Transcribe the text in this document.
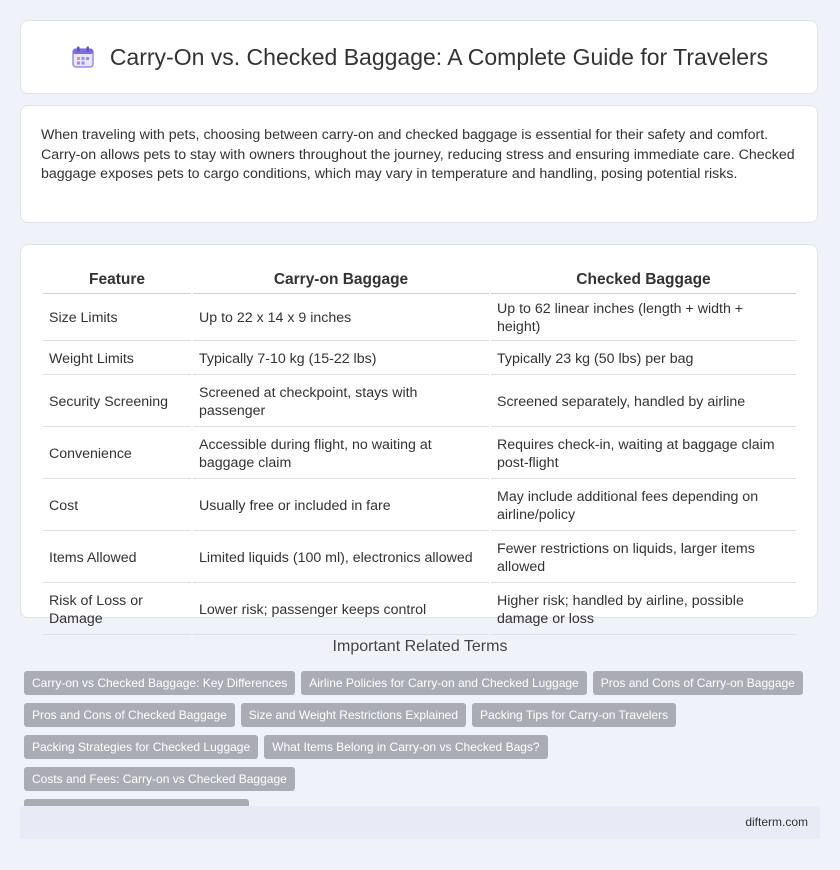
Carry-On vs. Checked Baggage: A Complete Guide for Travelers
When traveling with pets, choosing between carry-on and checked baggage is essential for their safety and comfort. Carry-on allows pets to stay with owners throughout the journey, reducing stress and ensuring immediate care. Checked baggage exposes pets to cargo conditions, which may vary in temperature and handling, posing potential risks.
Feature	Carry-on Baggage	Checked Baggage
Size Limits	Up to 22 x 14 x 9 inches	Up to 62 linear inches (length + width + height)
Weight Limits	Typically 7-10 kg (15-22 lbs)	Typically 23 kg (50 lbs) per bag
Security Screening	Screened at checkpoint, stays with passenger	Screened separately, handled by airline
Convenience	Accessible during flight, no waiting at baggage claim	Requires check-in, waiting at baggage claim post-flight
Cost	Usually free or included in fare	May include additional fees depending on airline/policy
Items Allowed	Limited liquids (100 ml), electronics allowed	Fewer restrictions on liquids, larger items allowed
Risk of Loss or Damage	Lower risk; passenger keeps control	Higher risk; handled by airline, possible damage or loss
Important Related Terms
Carry-on vs Checked Baggage: Key Differences Airline Policies for Carry-on and Checked Luggage Pros and Cons of Carry-on Baggage
Pros and Cons of Checked Baggage Size and Weight Restrictions Explained Packing Tips for Carry-on Travelers
Packing Strategies for Checked Luggage What Items Belong in Carry-on vs Checked Bags?Costs and Fees: Carry-on vs Checked Baggage

difterm.com
